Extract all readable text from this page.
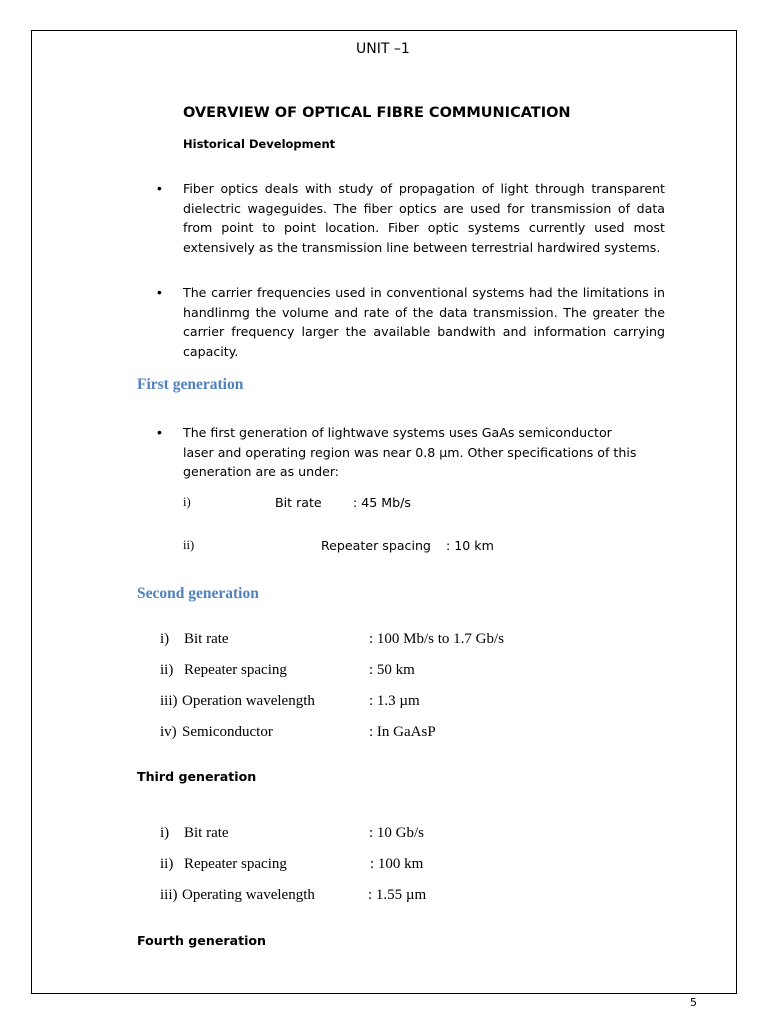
UNIT –1
OVERVIEW OF OPTICAL FIBRE COMMUNICATION
Historical Development
• Fiber optics deals with study of propagation of light through transparent dielectric wageguides. The fiber optics are used for transmission of data from point to point location. Fiber optic systems currently used most extensively as the transmission line between terrestrial hardwired systems.
• The carrier frequencies used in conventional systems had the limitations in handlinmg the volume and rate of the data transmission. The greater the carrier frequency larger the available bandwith and information carrying capacity.
First generation
• The first generation of lightwave systems uses GaAs semiconductor laser and operating region was near 0.8 µm. Other specifications of this generation are as under:
i)	Bit rate : 45 Mb/s
ii)	Repeater spacing : 10 km
Second generation
i) Bit rate	: 100 Mb/s to 1.7 Gb/s
ii) Repeater spacing	: 50 km
iii) Operation wavelength	: 1.3 µm
iv) Semiconductor	: In GaAsP
Third generation
i) Bit rate	: 10 Gb/s
ii) Repeater spacing	: 100 km
iii) Operating wavelength	: 1.55 µm
Fourth generation
5
